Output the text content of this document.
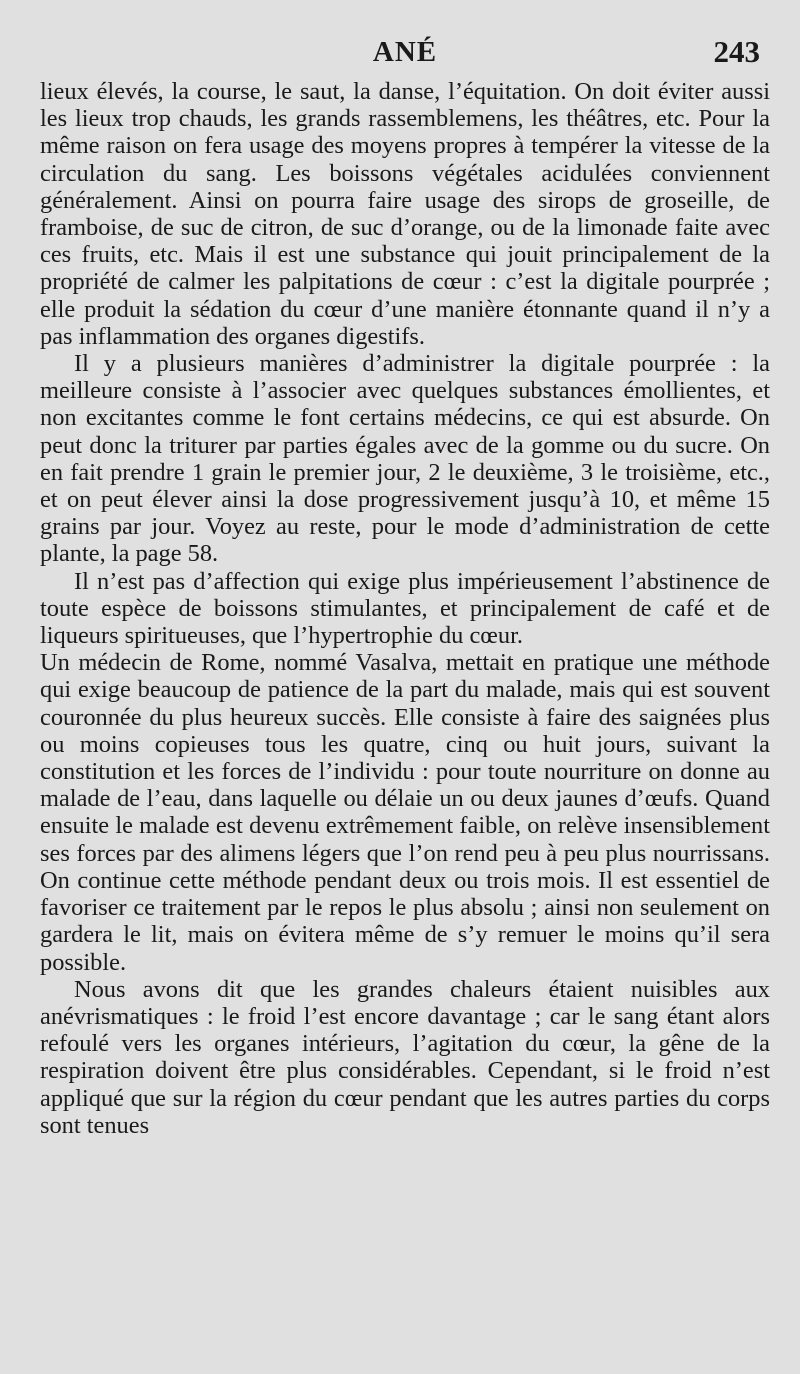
ANÉ	243

lieux élevés, la course, le saut, la danse, l’équitation. On doit éviter aussi les lieux trop chauds, les grands rassemblemens, les théâtres, etc. Pour la même raison on fera usage des moyens propres à tempérer la vitesse de la circulation du sang. Les boissons végétales acidulées conviennent généralement. Ainsi on pourra faire usage des sirops de groseille, de framboise, de suc de citron, de suc d’orange, ou de la limonade faite avec ces fruits, etc. Mais il est une substance qui jouit principalement de la propriété de calmer les palpitations de cœur : c’est la digitale pourprée ; elle produit la sédation du cœur d’une manière étonnante quand il n’y a pas inflammation des organes digestifs.

Il y a plusieurs manières d’administrer la digitale pourprée : la meilleure consiste à l’associer avec quelques substances émollientes, et non excitantes comme le font certains médecins, ce qui est absurde. On peut donc la triturer par parties égales avec de la gomme ou du sucre. On en fait prendre 1 grain le premier jour, 2 le deuxième, 3 le troisième, etc., et on peut élever ainsi la dose progressivement jusqu’à 10, et même 15 grains par jour. Voyez au reste, pour le mode d’administration de cette plante, la page 58.

Il n’est pas d’affection qui exige plus impérieusement l’abstinence de toute espèce de boissons stimulantes, et principalement de café et de liqueurs spiritueuses, que l’hypertrophie du cœur.

Un médecin de Rome, nommé Vasalva, mettait en pratique une méthode qui exige beaucoup de patience de la part du malade, mais qui est souvent couronnée du plus heureux succès. Elle consiste à faire des saignées plus ou moins copieuses tous les quatre, cinq ou huit jours, suivant la constitution et les forces de l’individu : pour toute nourriture on donne au malade de l’eau, dans laquelle ou délaie un ou deux jaunes d’œufs. Quand ensuite le malade est devenu extrêmement faible, on relève insensiblement ses forces par des alimens légers que l’on rend peu à peu plus nourrissans. On continue cette méthode pendant deux ou trois mois. Il est essentiel de favoriser ce traitement par le repos le plus absolu ; ainsi non seulement on gardera le lit, mais on évitera même de s’y remuer le moins qu’il sera possible.

Nous avons dit que les grandes chaleurs étaient nuisibles aux anévrismatiques : le froid l’est encore davantage ; car le sang étant alors refoulé vers les organes intérieurs, l’agitation du cœur, la gêne de la respiration doivent être plus considérables. Cependant, si le froid n’est appliqué que sur la région du cœur pendant que les autres parties du corps sont tenues
